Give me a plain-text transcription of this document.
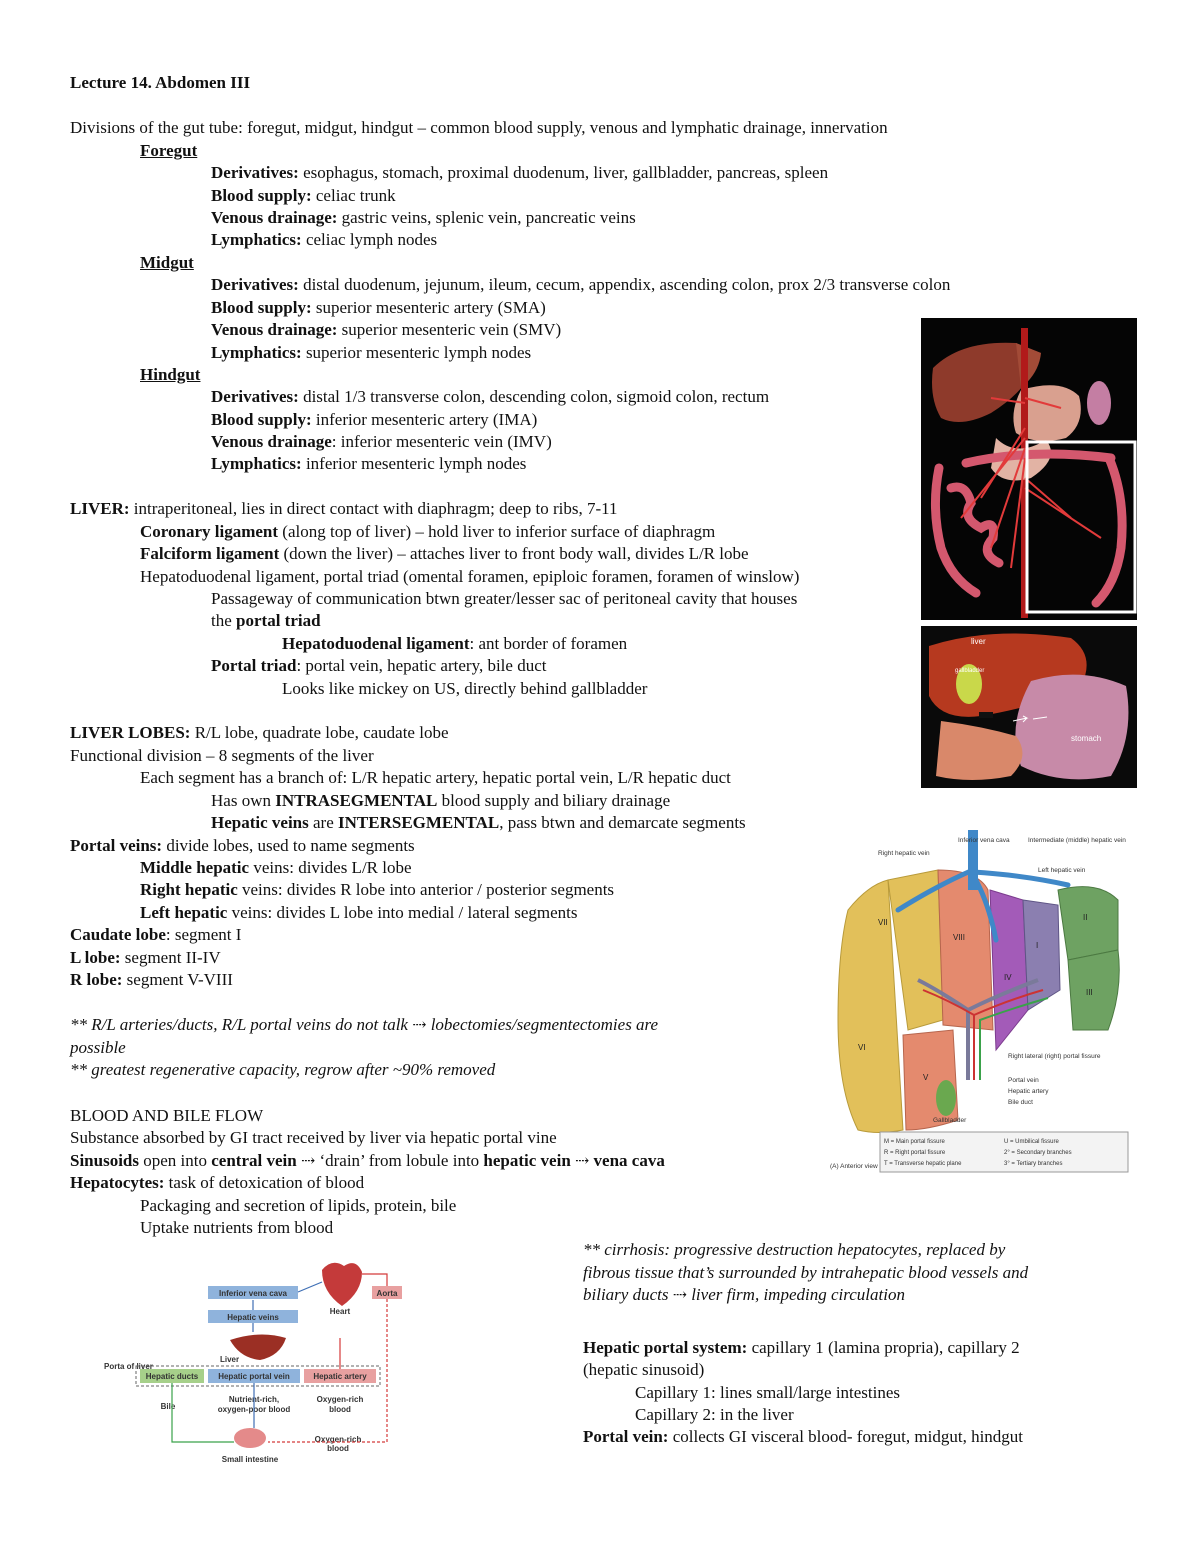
Lecture 14. Abdomen III
Divisions of the gut tube: foregut, midgut, hindgut – common blood supply, venous and lymphatic drainage, innervation
Foregut
Derivatives: esophagus, stomach, proximal duodenum, liver, gallbladder, pancreas, spleen
Blood supply: celiac trunk
Venous drainage: gastric veins, splenic vein, pancreatic veins
Lymphatics: celiac lymph nodes
Midgut
Derivatives: distal duodenum, jejunum, ileum, cecum, appendix, ascending colon, prox 2/3 transverse colon
Blood supply: superior mesenteric artery (SMA)
Venous drainage: superior mesenteric vein (SMV)
Lymphatics: superior mesenteric lymph nodes
Hindgut
Derivatives: distal 1/3 transverse colon, descending colon, sigmoid colon, rectum
Blood supply: inferior mesenteric artery (IMA)
Venous drainage: inferior mesenteric vein (IMV)
Lymphatics: inferior mesenteric lymph nodes
LIVER: intraperitoneal, lies in direct contact with diaphragm; deep to ribs, 7-11
Coronary ligament (along top of liver) – hold liver to inferior surface of diaphragm
Falciform ligament (down the liver) – attaches liver to front body wall, divides L/R lobe
Hepatoduodenal ligament, portal triad (omental foramen, epiploic foramen, foramen of winslow)
Passageway of communication btwn greater/lesser sac of peritoneal cavity that houses
the portal triad
Hepatoduodenal ligament: ant border of foramen
Portal triad: portal vein, hepatic artery, bile duct
Looks like mickey on US, directly behind gallbladder
LIVER LOBES: R/L lobe, quadrate lobe, caudate lobe
Functional division – 8 segments of the liver
Each segment has a branch of: L/R hepatic artery, hepatic portal vein, L/R hepatic duct
Has own INTRASEGMENTAL blood supply and biliary drainage
Hepatic veins are INTERSEGMENTAL, pass btwn and demarcate segments
Portal veins: divide lobes, used to name segments
Middle hepatic veins: divides L/R lobe
Right hepatic veins: divides R lobe into anterior / posterior segments
Left hepatic veins: divides L lobe into medial / lateral segments
Caudate lobe: segment I
L lobe: segment II-IV
R lobe: segment V-VIII
** R/L arteries/ducts, R/L portal veins do not talk ⇢ lobectomies/segmentectomies are
possible
** greatest regenerative capacity, regrow after ~90% removed
BLOOD AND BILE FLOW
Substance absorbed by GI tract received by liver via hepatic portal vine
Sinusoids open into central vein ⇢ ‘drain’ from lobule into hepatic vein ⇢ vena cava
Hepatocytes: task of detoxication of blood
Packaging and secretion of lipids, protein, bile
Uptake nutrients from blood
** cirrhosis: progressive destruction hepatocytes, replaced by
fibrous tissue that’s surrounded by intrahepatic blood vessels and
biliary ducts ⇢ liver firm, impeding circulation
Hepatic portal system: capillary 1 (lamina propria), capillary 2
(hepatic sinusoid)
Capillary 1: lines small/large intestines
Capillary 2: in the liver
Portal vein: collects GI visceral blood- foregut, midgut, hindgut
liver
gallbladder
stomach
VI
VII
VIII
V
IV
I
II
III
Inferior vena cava
Right hepatic vein
Intermediate (middle) hepatic vein
Left hepatic vein
Right lateral (right) portal fissure
Portal vein
Hepatic artery
Bile duct
Gallbladder
M = Main portal fissure
R = Right portal fissure
T = Transverse hepatic plane
U = Umbilical fissure
2° = Secondary branches
3° = Tertiary branches
(A) Anterior view
Inferior vena cava
Hepatic veins
Aorta
Heart
Liver
Hepatic ducts Hepatic portal vein	Hepatic artery
Bile
Nutrient-rich,
oxygen-poor blood
Oxygen-rich
blood
Oxygen-rich
blood
Small intestine
Porta of liver
